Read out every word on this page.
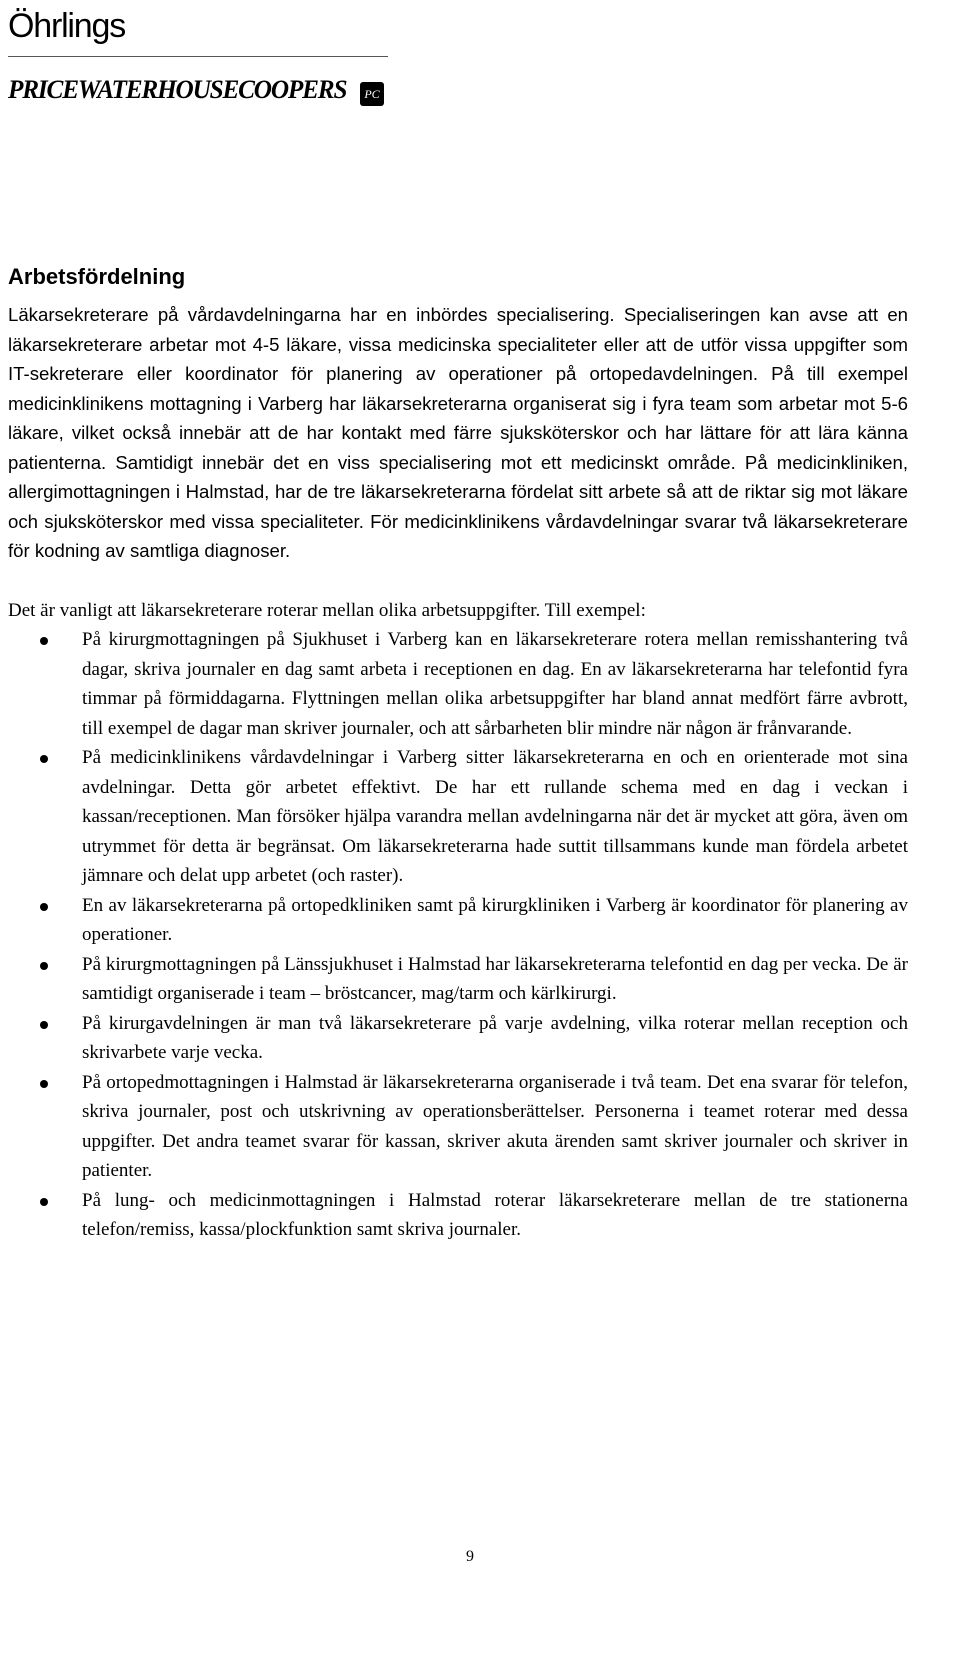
Öhrlings
PRICEWATERHOUSECOOPERS	PC
Arbetsfördelning

Läkarsekreterare på vårdavdelningarna har en inbördes specialisering. Specialiseringen kan avse att en läkarsekreterare arbetar mot 4-5 läkare, vissa medicinska specialiteter eller att de utför vissa uppgifter som IT-sekreterare eller koordinator för planering av operationer på ortopedavdelningen. På till exempel medicinklinikens mottagning i Varberg har läkarsekreterarna organiserat sig i fyra team som arbetar mot 5-6 läkare, vilket också innebär att de har kontakt med färre sjuksköterskor och har lättare för att lära känna patienterna. Samtidigt innebär det en viss specialisering mot ett medicinskt område. På medicinkliniken, allergimottagningen i Halmstad, har de tre läkarsekreterarna fördelat sitt arbete så att de riktar sig mot läkare och sjuksköterskor med vissa specialiteter. För medicinklinikens vårdavdelningar svarar två läkarsekreterare för kodning av samtliga diagnoser.

Det är vanligt att läkarsekreterare roterar mellan olika arbetsuppgifter. Till exempel:

På kirurgmottagningen på Sjukhuset i Varberg kan en läkarsekreterare rotera mellan remisshantering två dagar, skriva journaler en dag samt arbeta i receptionen en dag. En av läkarsekreterarna har telefontid fyra timmar på förmiddagarna. Flyttningen mellan olika arbetsuppgifter har bland annat medfört färre avbrott, till exempel de dagar man skriver journaler, och att sårbarheten blir mindre när någon är frånvarande.
På medicinklinikens vårdavdelningar i Varberg sitter läkarsekreterarna en och en orienterade mot sina avdelningar. Detta gör arbetet effektivt. De har ett rullande schema med en dag i veckan i kassan/receptionen. Man försöker hjälpa varandra mellan avdelningarna när det är mycket att göra, även om utrymmet för detta är begränsat. Om läkarsekreterarna hade suttit tillsammans kunde man fördela arbetet jämnare och delat upp arbetet (och raster).
En av läkarsekreterarna på ortopedkliniken samt på kirurgkliniken i Varberg är koordinator för planering av operationer.
På kirurgmottagningen på Länssjukhuset i Halmstad har läkarsekreterarna telefontid en dag per vecka. De är samtidigt organiserade i team – bröstcancer, mag/tarm och kärlkirurgi.
På kirurgavdelningen är man två läkarsekreterare på varje avdelning, vilka roterar mellan reception och skrivarbete varje vecka.
På ortopedmottagningen i Halmstad är läkarsekreterarna organiserade i två team. Det ena svarar för telefon, skriva journaler, post och utskrivning av operationsberättelser. Personerna i teamet roterar med dessa uppgifter. Det andra teamet svarar för kassan, skriver akuta ärenden samt skriver journaler och skriver in patienter.
På lung- och medicinmottagningen i Halmstad roterar läkarsekreterare mellan de tre stationerna telefon/remiss, kassa/plockfunktion samt skriva journaler.
9
